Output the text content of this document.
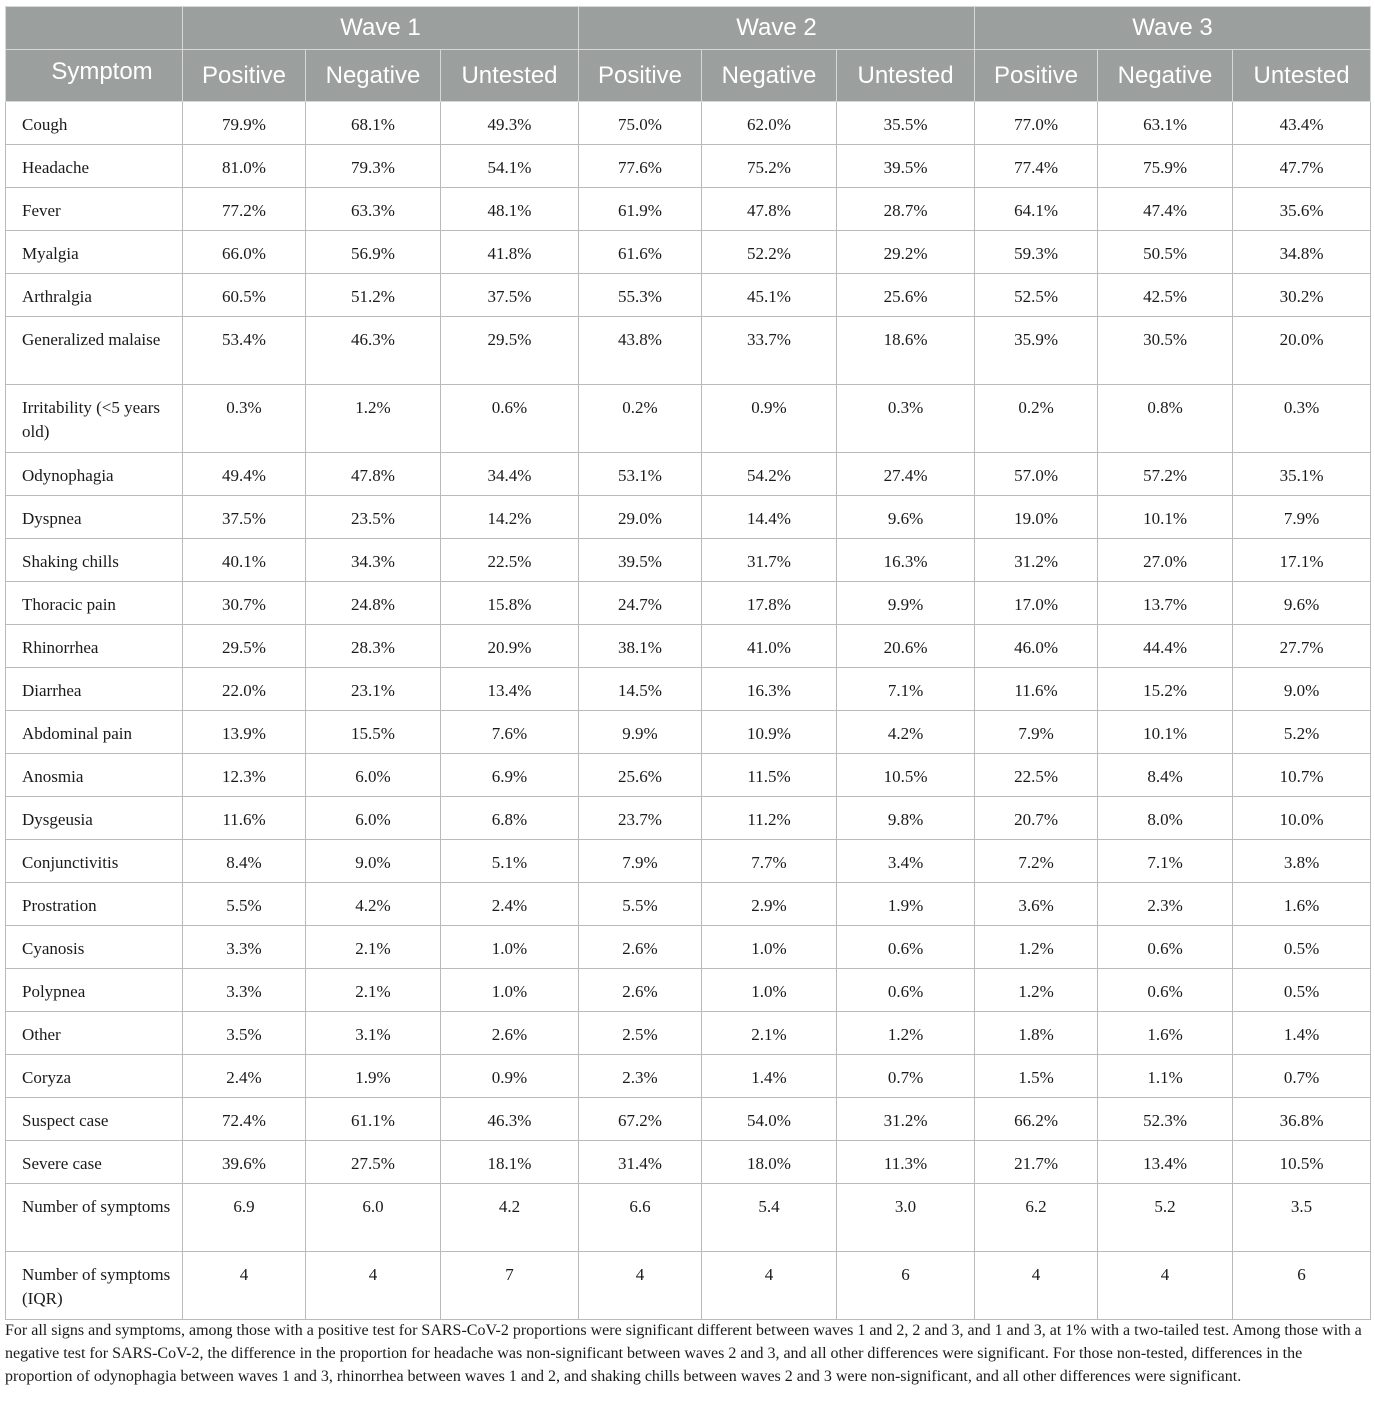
	Wave 1			Wave 2			Wave 3		
Symptom	Positive	Negative	Untested	Positive	Negative	Untested	Positive	Negative	Untested
Cough	79.9%	68.1%	49.3%	75.0%	62.0%	35.5%	77.0%	63.1%	43.4%
Headache	81.0%	79.3%	54.1%	77.6%	75.2%	39.5%	77.4%	75.9%	47.7%
Fever	77.2%	63.3%	48.1%	61.9%	47.8%	28.7%	64.1%	47.4%	35.6%
Myalgia	66.0%	56.9%	41.8%	61.6%	52.2%	29.2%	59.3%	50.5%	34.8%
Arthralgia	60.5%	51.2%	37.5%	55.3%	45.1%	25.6%	52.5%	42.5%	30.2%
Generalized malaise	53.4%	46.3%	29.5%	43.8%	33.7%	18.6%	35.9%	30.5%	20.0%
Irritability (<5 years old)	0.3%	1.2%	0.6%	0.2%	0.9%	0.3%	0.2%	0.8%	0.3%
Odynophagia	49.4%	47.8%	34.4%	53.1%	54.2%	27.4%	57.0%	57.2%	35.1%
Dyspnea	37.5%	23.5%	14.2%	29.0%	14.4%	9.6%	19.0%	10.1%	7.9%
Shaking chills	40.1%	34.3%	22.5%	39.5%	31.7%	16.3%	31.2%	27.0%	17.1%
Thoracic pain	30.7%	24.8%	15.8%	24.7%	17.8%	9.9%	17.0%	13.7%	9.6%
Rhinorrhea	29.5%	28.3%	20.9%	38.1%	41.0%	20.6%	46.0%	44.4%	27.7%
Diarrhea	22.0%	23.1%	13.4%	14.5%	16.3%	7.1%	11.6%	15.2%	9.0%
Abdominal pain	13.9%	15.5%	7.6%	9.9%	10.9%	4.2%	7.9%	10.1%	5.2%
Anosmia	12.3%	6.0%	6.9%	25.6%	11.5%	10.5%	22.5%	8.4%	10.7%
Dysgeusia	11.6%	6.0%	6.8%	23.7%	11.2%	9.8%	20.7%	8.0%	10.0%
Conjunctivitis	8.4%	9.0%	5.1%	7.9%	7.7%	3.4%	7.2%	7.1%	3.8%
Prostration	5.5%	4.2%	2.4%	5.5%	2.9%	1.9%	3.6%	2.3%	1.6%
Cyanosis	3.3%	2.1%	1.0%	2.6%	1.0%	0.6%	1.2%	0.6%	0.5%
Polypnea	3.3%	2.1%	1.0%	2.6%	1.0%	0.6%	1.2%	0.6%	0.5%
Other	3.5%	3.1%	2.6%	2.5%	2.1%	1.2%	1.8%	1.6%	1.4%
Coryza	2.4%	1.9%	0.9%	2.3%	1.4%	0.7%	1.5%	1.1%	0.7%
Suspect case	72.4%	61.1%	46.3%	67.2%	54.0%	31.2%	66.2%	52.3%	36.8%
Severe case	39.6%	27.5%	18.1%	31.4%	18.0%	11.3%	21.7%	13.4%	10.5%
Number of symptoms	6.9	6.0	4.2	6.6	5.4	3.0	6.2	5.2	3.5
Number of symptoms (IQR)	4	4	7	4	4	6	4	4	6

For all signs and symptoms, among those with a positive test for SARS-CoV-2 proportions were significant different between waves 1 and 2, 2 and 3, and 1 and 3, at 1% with a two-tailed test. Among those with a negative test for SARS-CoV-2, the difference in the proportion for headache was non-significant between waves 2 and 3, and all other differences were significant. For those non-tested, differences in the proportion of odynophagia between waves 1 and 3, rhinorrhea between waves 1 and 2, and shaking chills between waves 2 and 3 were non-significant, and all other differences were significant.
